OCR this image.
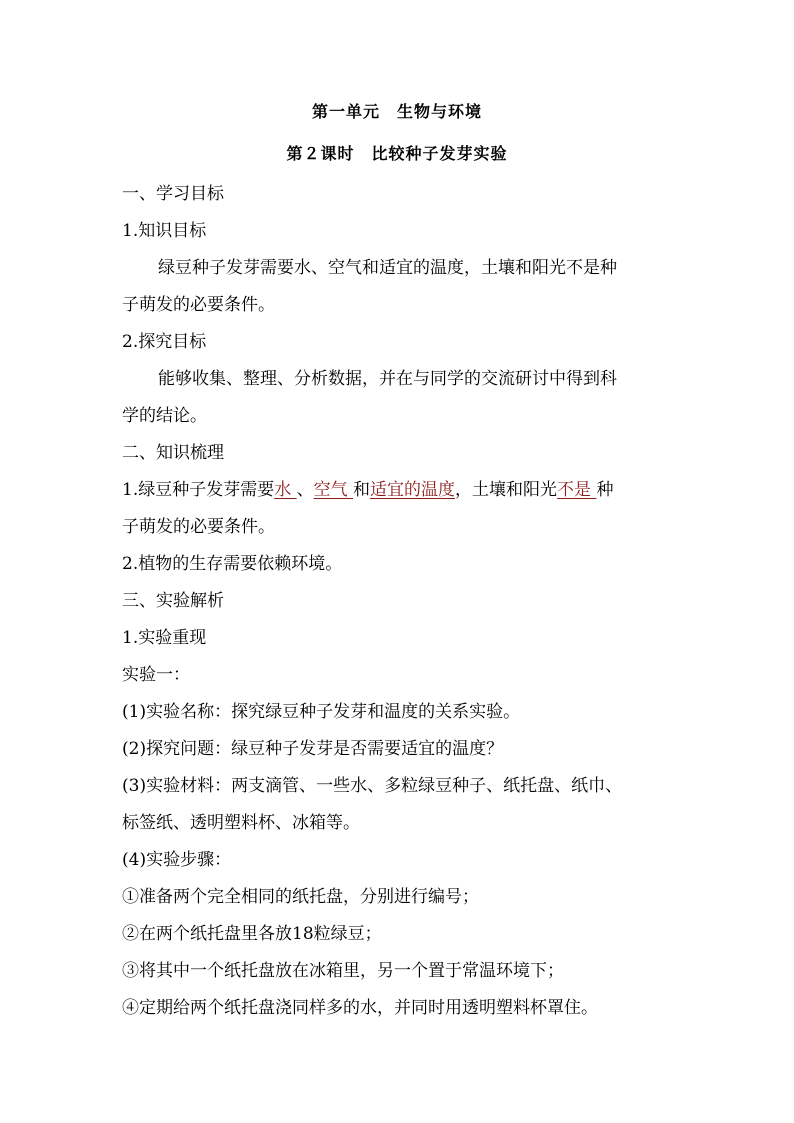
第一单元　生物与环境
第２课时　比较种子发芽实验
一、学习目标
1.知识目标
绿豆种子发芽需要水、空气和适宜的温度，土壤和阳光不是种
子萌发的必要条件。
2.探究目标
能够收集、整理、分析数据，并在与同学的交流研讨中得到科
学的结论。
二、知识梳理
1.绿豆种子发芽需要水 、空气 和适宜的温度，土壤和阳光不是 种
子萌发的必要条件。
2.植物的生存需要依赖环境。
三、实验解析
1.实验重现
实验一：
(1)实验名称：探究绿豆种子发芽和温度的关系实验。
(2)探究问题：绿豆种子发芽是否需要适宜的温度？
(3)实验材料：两支滴管、一些水、多粒绿豆种子、纸托盘、纸巾、
标签纸、透明塑料杯、冰箱等。
(4)实验步骤：
①准备两个完全相同的纸托盘，分别进行编号；
②在两个纸托盘里各放18粒绿豆；
③将其中一个纸托盘放在冰箱里，另一个置于常温环境下；
④定期给两个纸托盘浇同样多的水，并同时用透明塑料杯罩住。
